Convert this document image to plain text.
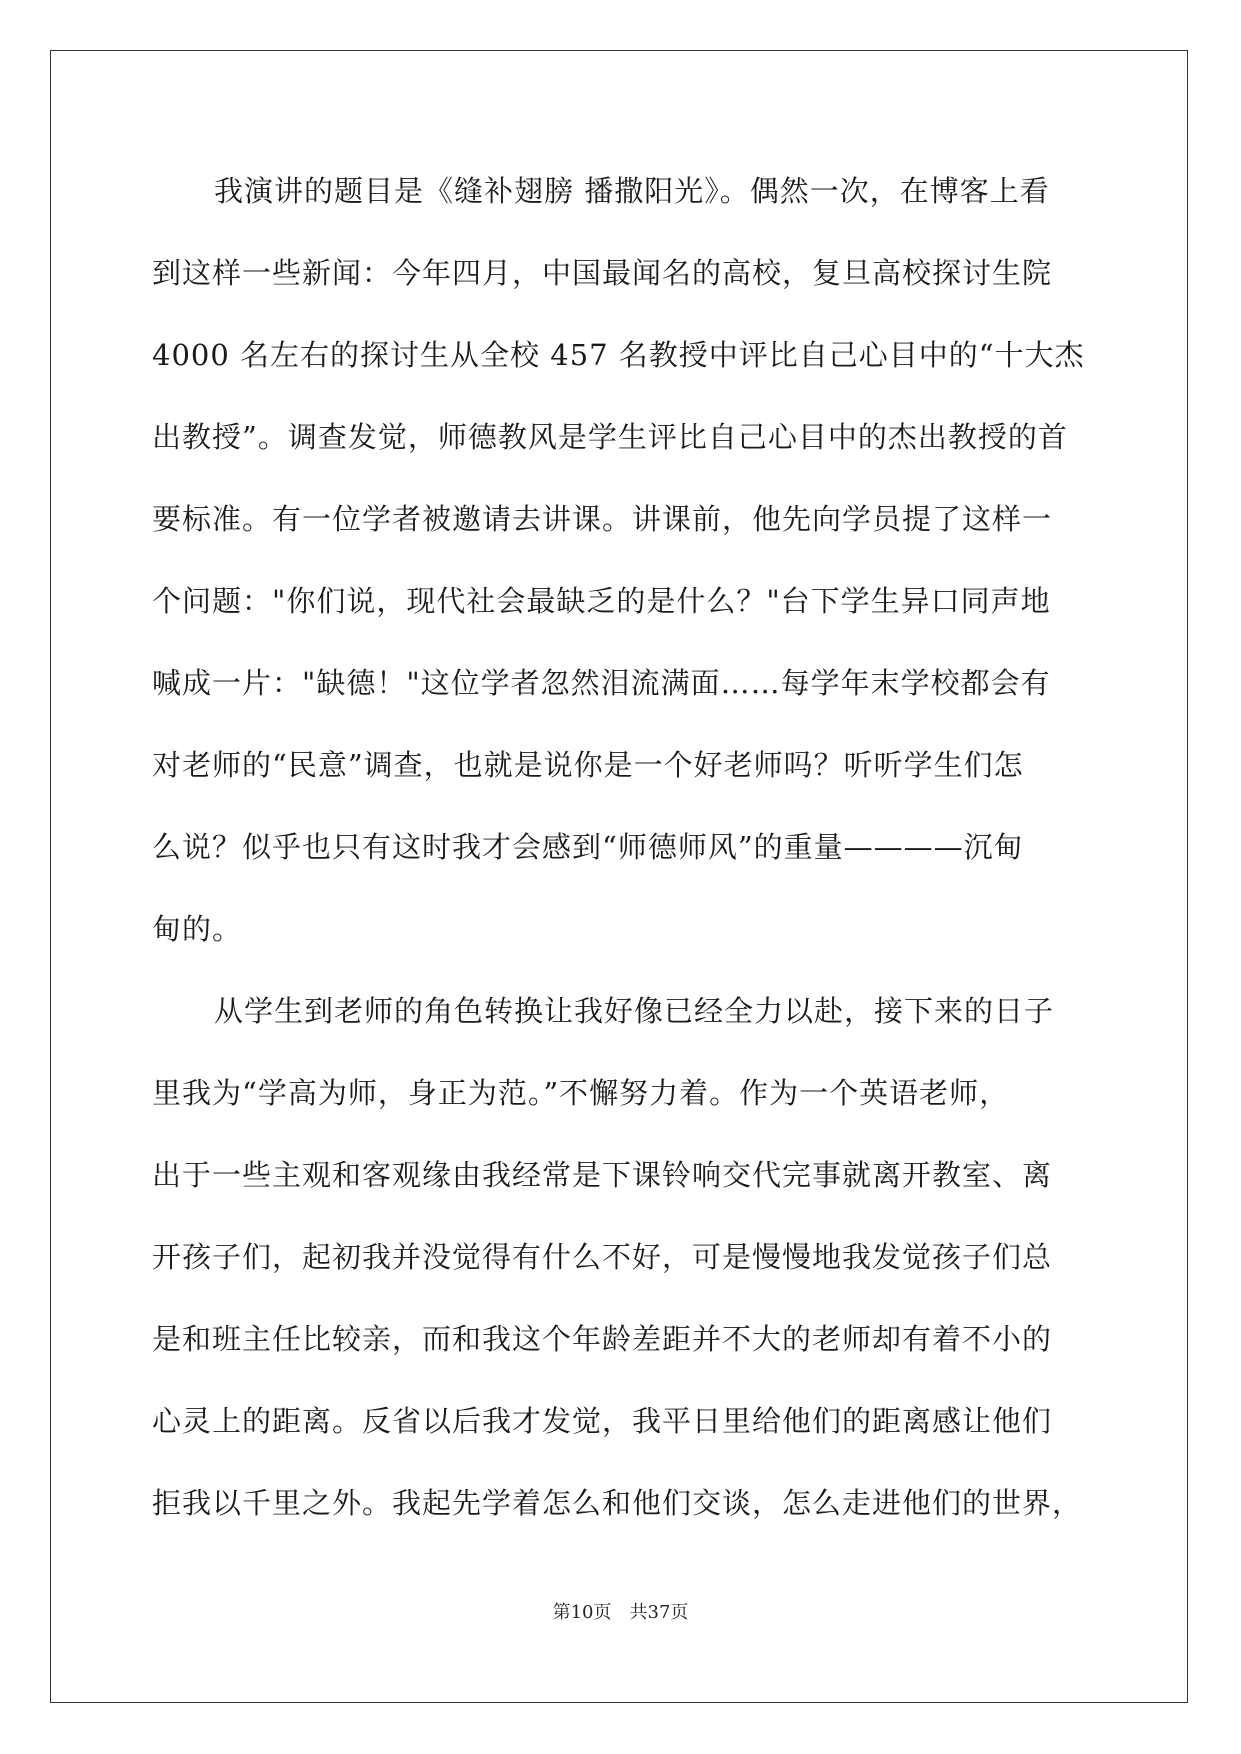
我演讲的题目是《缝补翅膀 播撒阳光》。偶然一次，在博客上看
到这样一些新闻：今年四月，中国最闻名的高校，复旦高校探讨生院
4000 名左右的探讨生从全校 457 名教授中评比自己心目中的“十大杰
出教授”。调查发觉，师德教风是学生评比自己心目中的杰出教授的首
要标准。有一位学者被邀请去讲课。讲课前，他先向学员提了这样一
个问题："你们说，现代社会最缺乏的是什么？"台下学生异口同声地
喊成一片："缺德！"这位学者忽然泪流满面……每学年末学校都会有
对老师的“民意”调查，也就是说你是一个好老师吗？听听学生们怎
么说？似乎也只有这时我才会感到“师德师风”的重量————沉甸
甸的。
从学生到老师的角色转换让我好像已经全力以赴，接下来的日子
里我为“学高为师，身正为范。”不懈努力着。作为一个英语老师，
出于一些主观和客观缘由我经常是下课铃响交代完事就离开教室、离
开孩子们，起初我并没觉得有什么不好，可是慢慢地我发觉孩子们总
是和班主任比较亲，而和我这个年龄差距并不大的老师却有着不小的
心灵上的距离。反省以后我才发觉，我平日里给他们的距离感让他们
拒我以千里之外。我起先学着怎么和他们交谈，怎么走进他们的世界，
第10页 共37页
